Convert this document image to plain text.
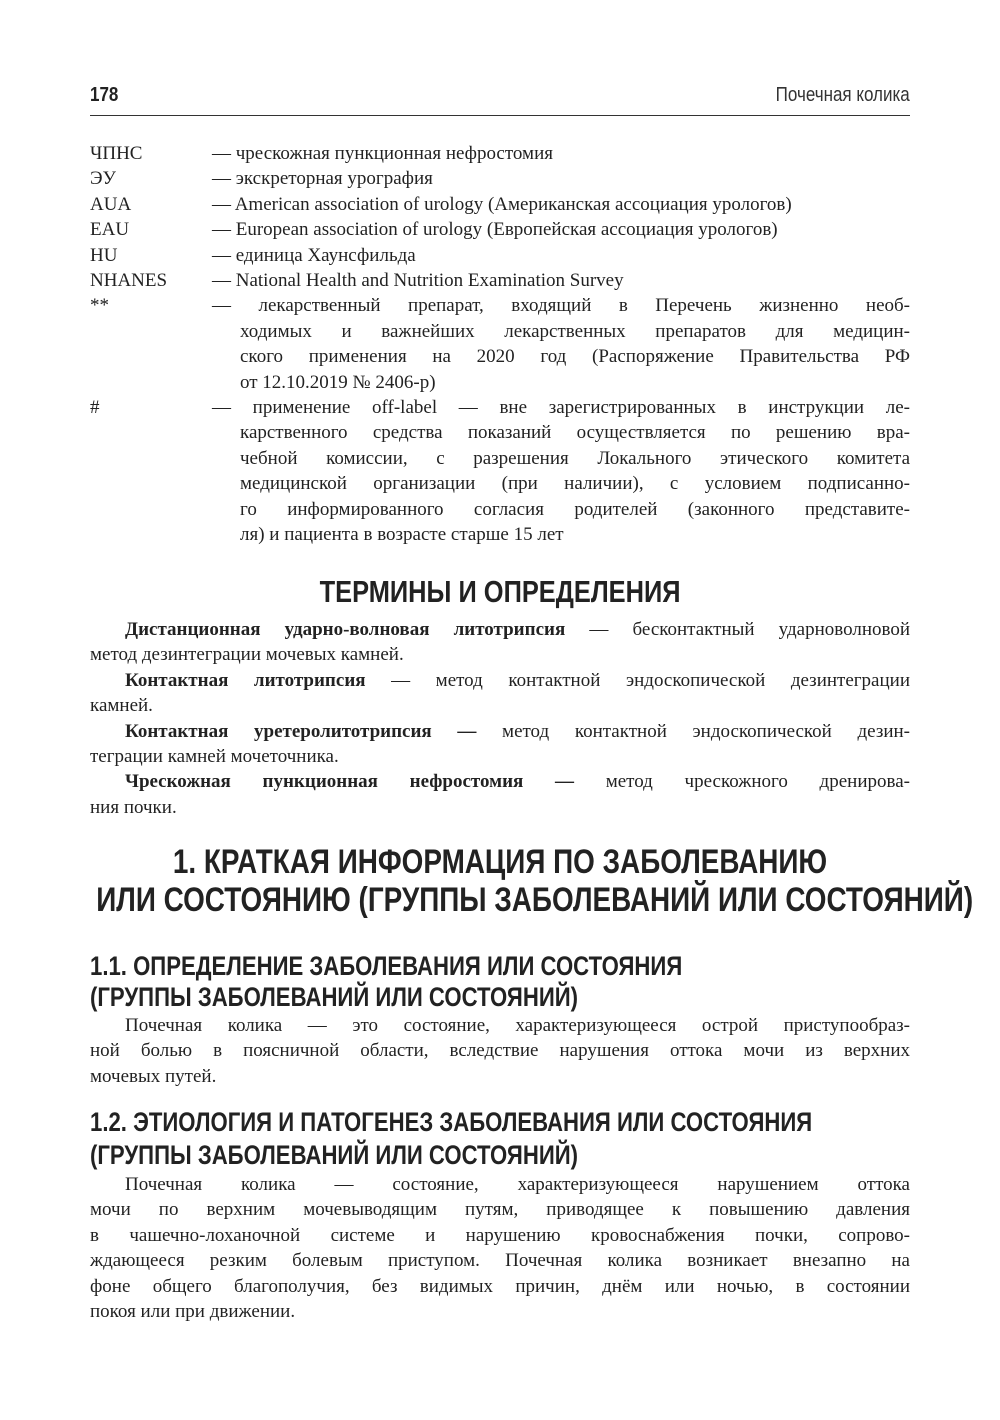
178	Почечная колика
ЧПНС	— чрескожная пункционная нефростомия
ЭУ	— экскреторная урография
AUA	— American association of urology (Американская ассоциация урологов)
EAU	— European association of urology (Европейская ассоциация урологов)
HU	— единица Хаунсфильда
NHANES	— National Health and Nutrition Examination Survey
**	— лекарственный препарат, входящий в Перечень жизненно необ-
ходимых и важнейших лекарственных препаратов для медицин-
ского применения на 2020 год (Распоряжение Правительства РФ
от 12.10.2019 № 2406-р)
#	— применение off-label — вне зарегистрированных в инструкции ле-
карственного средства показаний осуществляется по решению вра-
чебной комиссии, с разрешения Локального этического комитета
медицинской организации (при наличии), с условием подписанно-
го информированного согласия родителей (законного представите-
ля) и пациента в возрасте старше 15 лет
ТЕРМИНЫ И ОПРЕДЕЛЕНИЯ
Дистанционная ударно-волновая литотрипсия — бесконтактный ударноволновой
метод дезинтеграции мочевых камней.
Контактная литотрипсия — метод контактной эндоскопической дезинтеграции
камней.
Контактная уретеролитотрипсия — метод контактной эндоскопической дезин-
теграции камней мочеточника.
Чрескожная пункционная нефростомия — метод чрескожного дренирова-
ния почки.
1. КРАТКАЯ ИНФОРМАЦИЯ ПО ЗАБОЛЕВАНИЮ
ИЛИ СОСТОЯНИЮ (ГРУППЫ ЗАБОЛЕВАНИЙ ИЛИ СОСТОЯНИЙ)
1.1. ОПРЕДЕЛЕНИЕ ЗАБОЛЕВАНИЯ ИЛИ СОСТОЯНИЯ
(ГРУППЫ ЗАБОЛЕВАНИЙ ИЛИ СОСТОЯНИЙ)
Почечная колика — это состояние, характеризующееся острой приступообраз-
ной болью в поясничной области, вследствие нарушения оттока мочи из верхних
мочевых путей.
1.2. ЭТИОЛОГИЯ И ПАТОГЕНЕЗ ЗАБОЛЕВАНИЯ ИЛИ СОСТОЯНИЯ
(ГРУППЫ ЗАБОЛЕВАНИЙ ИЛИ СОСТОЯНИЙ)
Почечная колика — состояние, характеризующееся нарушением оттока
мочи по верхним мочевыводящим путям, приводящее к повышению давления
в чашечно-лоханочной системе и нарушению кровоснабжения почки, сопрово-
ждающееся резким болевым приступом. Почечная колика возникает внезапно на
фоне общего благополучия, без видимых причин, днём или ночью, в состоянии
покоя или при движении.
